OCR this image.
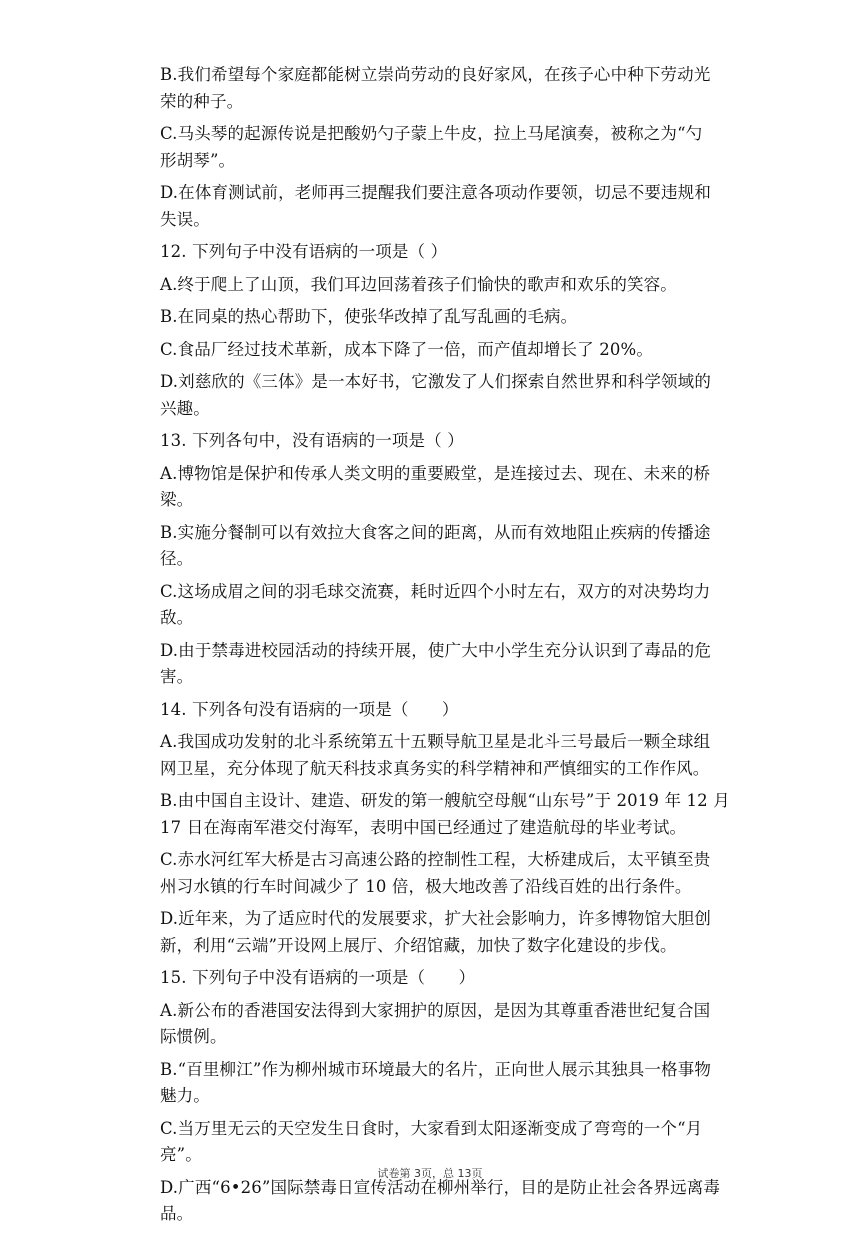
B.我们希望每个家庭都能树立崇尚劳动的良好家风，在孩子心中种下劳动光
荣的种子。
C.马头琴的起源传说是把酸奶勺子蒙上牛皮，拉上马尾演奏，被称之为“勺
形胡琴”。
D.在体育测试前，老师再三提醒我们要注意各项动作要领，切忌不要违规和
失误。
12. 下列句子中没有语病的一项是（ ）
A.终于爬上了山顶，我们耳边回荡着孩子们愉快的歌声和欢乐的笑容。
B.在同桌的热心帮助下，使张华改掉了乱写乱画的毛病。
C.食品厂经过技术革新，成本下降了一倍，而产值却增长了 20%。
D.刘慈欣的《三体》是一本好书，它激发了人们探索自然世界和科学领域的
兴趣。
13. 下列各句中，没有语病的一项是（ ）
A.博物馆是保护和传承人类文明的重要殿堂，是连接过去、现在、未来的桥
梁。
B.实施分餐制可以有效拉大食客之间的距离，从而有效地阻止疾病的传播途
径。
C.这场成眉之间的羽毛球交流赛，耗时近四个小时左右，双方的对决势均力
敌。
D.由于禁毒进校园活动的持续开展，使广大中小学生充分认识到了毒品的危
害。
14. 下列各句没有语病的一项是（　　）
A.我国成功发射的北斗系统第五十五颗导航卫星是北斗三号最后一颗全球组
网卫星，充分体现了航天科技求真务实的科学精神和严慎细实的工作作风。
B.由中国自主设计、建造、研发的第一艘航空母舰“山东号”于 2019 年 12 月
17 日在海南军港交付海军，表明中国已经通过了建造航母的毕业考试。
C.赤水河红军大桥是古习高速公路的控制性工程，大桥建成后，太平镇至贵
州习水镇的行车时间减少了 10 倍，极大地改善了沿线百姓的出行条件。
D.近年来，为了适应时代的发展要求，扩大社会影响力，许多博物馆大胆创
新，利用“云端”开设网上展厅、介绍馆藏，加快了数字化建设的步伐。
15. 下列句子中没有语病的一项是（　　）
A.新公布的香港国安法得到大家拥护的原因，是因为其尊重香港世纪复合国
际惯例。
B.“百里柳江”作为柳州城市环境最大的名片，正向世人展示其独具一格事物
魅力。
C.当万里无云的天空发生日食时，大家看到太阳逐渐变成了弯弯的一个“月
亮”。
D.广西“6•26”国际禁毒日宣传活动在柳州举行，目的是防止社会各界远离毒
品。
试卷第 3页，总 13页
